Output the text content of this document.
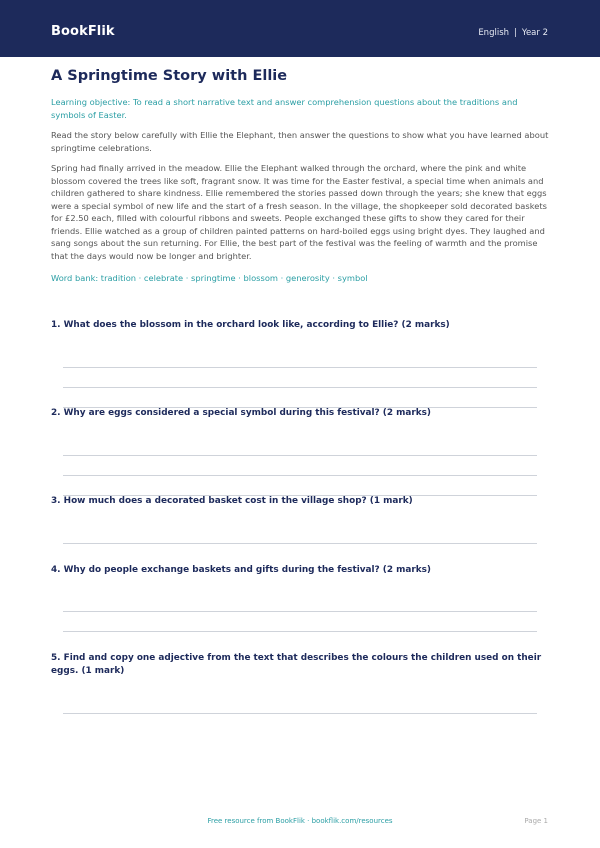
BookFlik	English | Year 2
A Springtime Story with Ellie

Learning objective: To read a short narrative text and answer comprehension questions about the traditions and symbols of Easter.

Read the story below carefully with Ellie the Elephant, then answer the questions to show what you have learned about springtime celebrations.

Spring had finally arrived in the meadow. Ellie the Elephant walked through the orchard, where the pink and white blossom covered the trees like soft, fragrant snow. It was time for the Easter festival, a special time when animals and children gathered to share kindness. Ellie remembered the stories passed down through the years; she knew that eggs were a special symbol of new life and the start of a fresh season. In the village, the shopkeeper sold decorated baskets for £2.50 each, filled with colourful ribbons and sweets. People exchanged these gifts to show they cared for their friends. Ellie watched as a group of children painted patterns on hard-boiled eggs using bright dyes. They laughed and sang songs about the sun returning. For Ellie, the best part of the festival was the feeling of warmth and the promise that the days would now be longer and brighter.

Word bank: tradition · celebrate · springtime · blossom · generosity · symbol

1. What does the blossom in the orchard look like, according to Ellie? (2 marks)
2. Why are eggs considered a special symbol during this festival? (2 marks)
3. How much does a decorated basket cost in the village shop? (1 mark)
4. Why do people exchange baskets and gifts during the festival? (2 marks)
5. Find and copy one adjective from the text that describes the colours the children used on their eggs. (1 mark)
Free resource from BookFlik · bookflik.com/resources	Page 1
